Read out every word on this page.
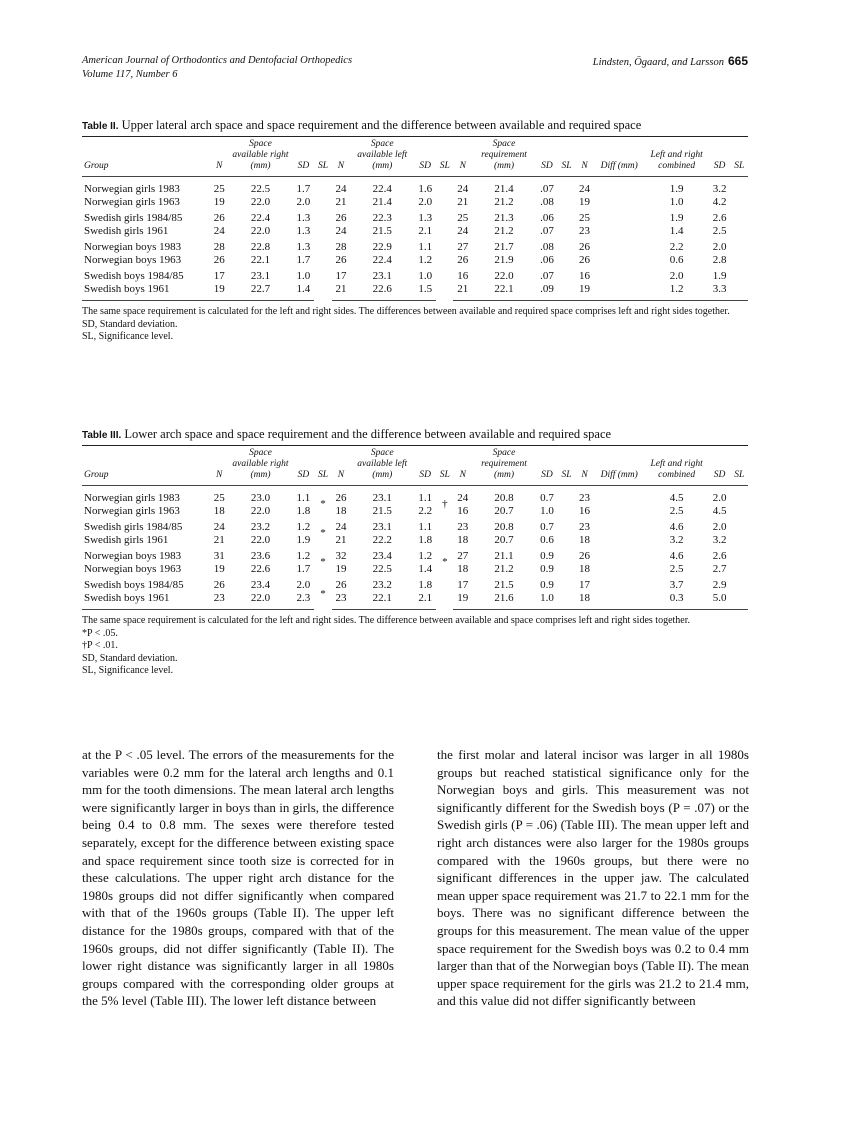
American Journal of Orthodontics and Dentofacial Orthopedics
Volume 117, Number 6
Lindsten, Ögaard, and Larsson 665
Table II. Upper lateral arch space and space requirement and the difference between available and required space
Group	N	Space available right (mm)	SD	SL	N	Space available left (mm)	SD	SL	N	Space requirement (mm)	SD	SL	N	Diff (mm)	Left and right combined	SD	SL
Norwegian girls 1983	25	22.5	1.7		24	22.4	1.6		24	21.4	.07		24		1.9	3.2	
Norwegian girls 1963	19	22.0	2.0		21	21.4	2.0		21	21.2	.08		19		1.0	4.2	
Swedish girls 1984/85	26	22.4	1.3		26	22.3	1.3		25	21.3	.06		25		1.9	2.6	
Swedish girls 1961	24	22.0	1.3		24	21.5	2.1		24	21.2	.07		23		1.4	2.5	
Norwegian boys 1983	28	22.8	1.3		28	22.9	1.1		27	21.7	.08		26		2.2	2.0	
Norwegian boys 1963	26	22.1	1.7		26	22.4	1.2		26	21.9	.06		26		0.6	2.8	
Swedish boys 1984/85	17	23.1	1.0		17	23.1	1.0		16	22.0	.07		16		2.0	1.9	
Swedish boys 1961	19	22.7	1.4		21	22.6	1.5		21	22.1	.09		19		1.2	3.3	
The same space requirement is calculated for the left and right sides. The differences between available and required space comprises left and right sides together.
SD, Standard deviation.
SL, Significance level.
Table III. Lower arch space and space requirement and the difference between available and required space
Group	N	Space available right (mm)	SD	SL	N	Space available left (mm)	SD	SL	N	Space requirement (mm)	SD	SL	N	Diff (mm)	Left and right combined	SD	SL
Norwegian girls 1983	25	23.0	1.1	*	26	23.1	1.1	†	24	20.8	0.7		23		4.5	2.0	
Norwegian girls 1963	18	22.0	1.8		18	21.5	2.2		16	20.7	1.0		16		2.5	4.5	
Swedish girls 1984/85	24	23.2	1.2	*	24	23.1	1.1		23	20.8	0.7		23		4.6	2.0	
Swedish girls 1961	21	22.0	1.9		21	22.2	1.8		18	20.7	0.6		18		3.2	3.2	
Norwegian boys 1983	31	23.6	1.2	*	32	23.4	1.2	*	27	21.1	0.9		26		4.6	2.6	
Norwegian boys 1963	19	22.6	1.7		19	22.5	1.4		18	21.2	0.9		18		2.5	2.7	
Swedish boys 1984/85	26	23.4	2.0	*	26	23.2	1.8		17	21.5	0.9		17		3.7	2.9	
Swedish boys 1961	23	22.0	2.3		23	22.1	2.1		19	21.6	1.0		18		0.3	5.0	
The same space requirement is calculated for the left and right sides. The difference between available and space comprises left and right sides together.
*P < .05.
†P < .01.
SD, Standard deviation.
SL, Significance level.
at the P < .05 level. The errors of the measurements for the variables were 0.2 mm for the lateral arch lengths and 0.1 mm for the tooth dimensions. The mean lateral arch lengths were significantly larger in boys than in girls, the difference being 0.4 to 0.8 mm. The sexes were therefore tested separately, except for the difference between existing space and space requirement since tooth size is corrected for in these calculations. The upper right arch distance for the 1980s groups did not differ significantly when compared with that of the 1960s groups (Table II). The upper left distance for the 1980s groups, compared with that of the 1960s groups, did not differ significantly (Table II). The lower right distance was significantly larger in all 1980s groups compared with the corresponding older groups at the 5% level (Table III). The lower left distance between
the first molar and lateral incisor was larger in all 1980s groups but reached statistical significance only for the Norwegian boys and girls. This measurement was not significantly different for the Swedish boys (P = .07) or the Swedish girls (P = .06) (Table III). The mean upper left and right arch distances were also larger for the 1980s groups compared with the 1960s groups, but there were no significant differences in the upper jaw. The calculated mean upper space requirement was 21.7 to 22.1 mm for the boys. There was no significant difference between the groups for this measurement. The mean value of the upper space requirement for the Swedish boys was 0.2 to 0.4 mm larger than that of the Norwegian boys (Table II). The mean upper space requirement for the girls was 21.2 to 21.4 mm, and this value did not differ significantly between
